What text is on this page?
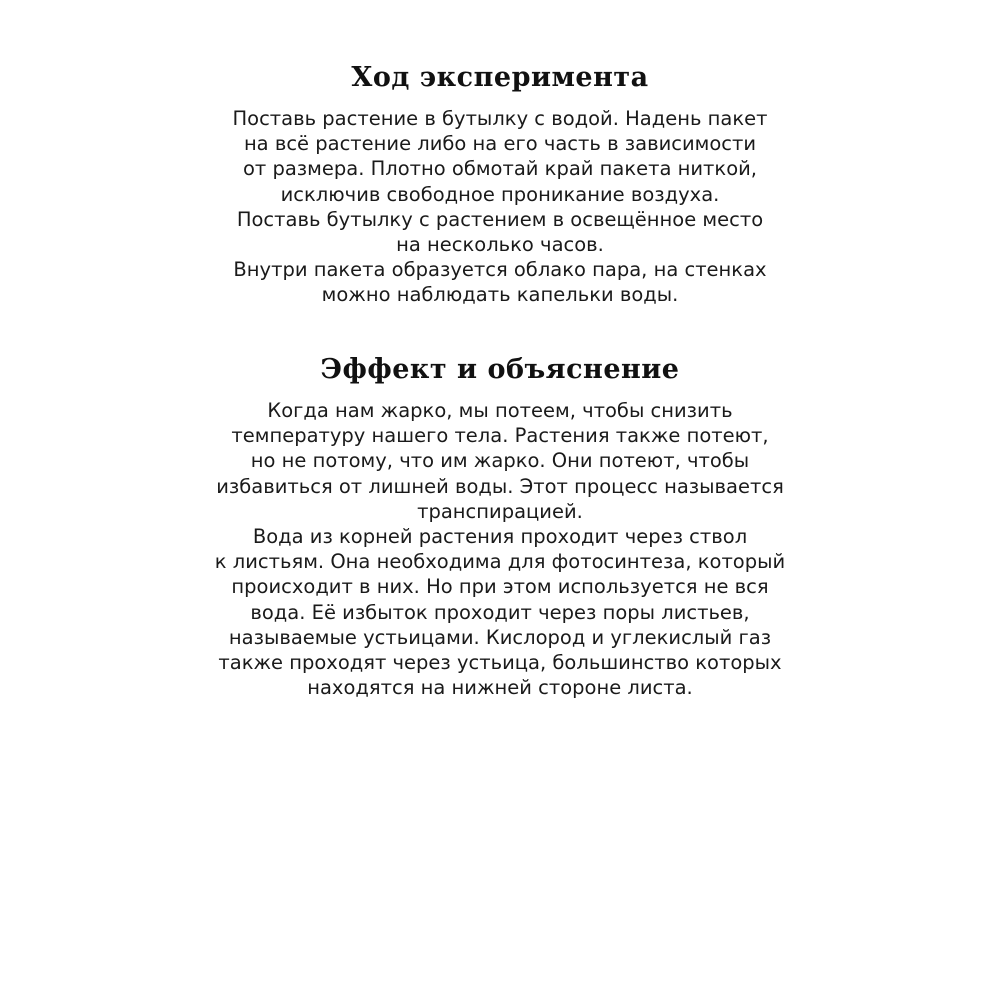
Ход эксперимента
Поставь растение в бутылку с водой. Надень пакет
на всё растение либо на его часть в зависимости
от размера. Плотно обмотай край пакета ниткой,
исключив свободное проникание воздуха.
Поставь бутылку с растением в освещённое место
на несколько часов.
Внутри пакета образуется облако пара, на стенках
можно наблюдать капельки воды.
Эффект и объяснение
Когда нам жарко, мы потеем, чтобы снизить
температуру нашего тела. Растения также потеют,
но не потому, что им жарко. Они потеют, чтобы
избавиться от лишней воды. Этот процесс называется
транспирацией.
Вода из корней растения проходит через ствол
к листьям. Она необходима для фотосинтеза, который
происходит в них. Но при этом используется не вся
вода. Её избыток проходит через поры листьев,
называемые устьицами. Кислород и углекислый газ
также проходят через устьица, большинство которых
находятся на нижней стороне листа.
